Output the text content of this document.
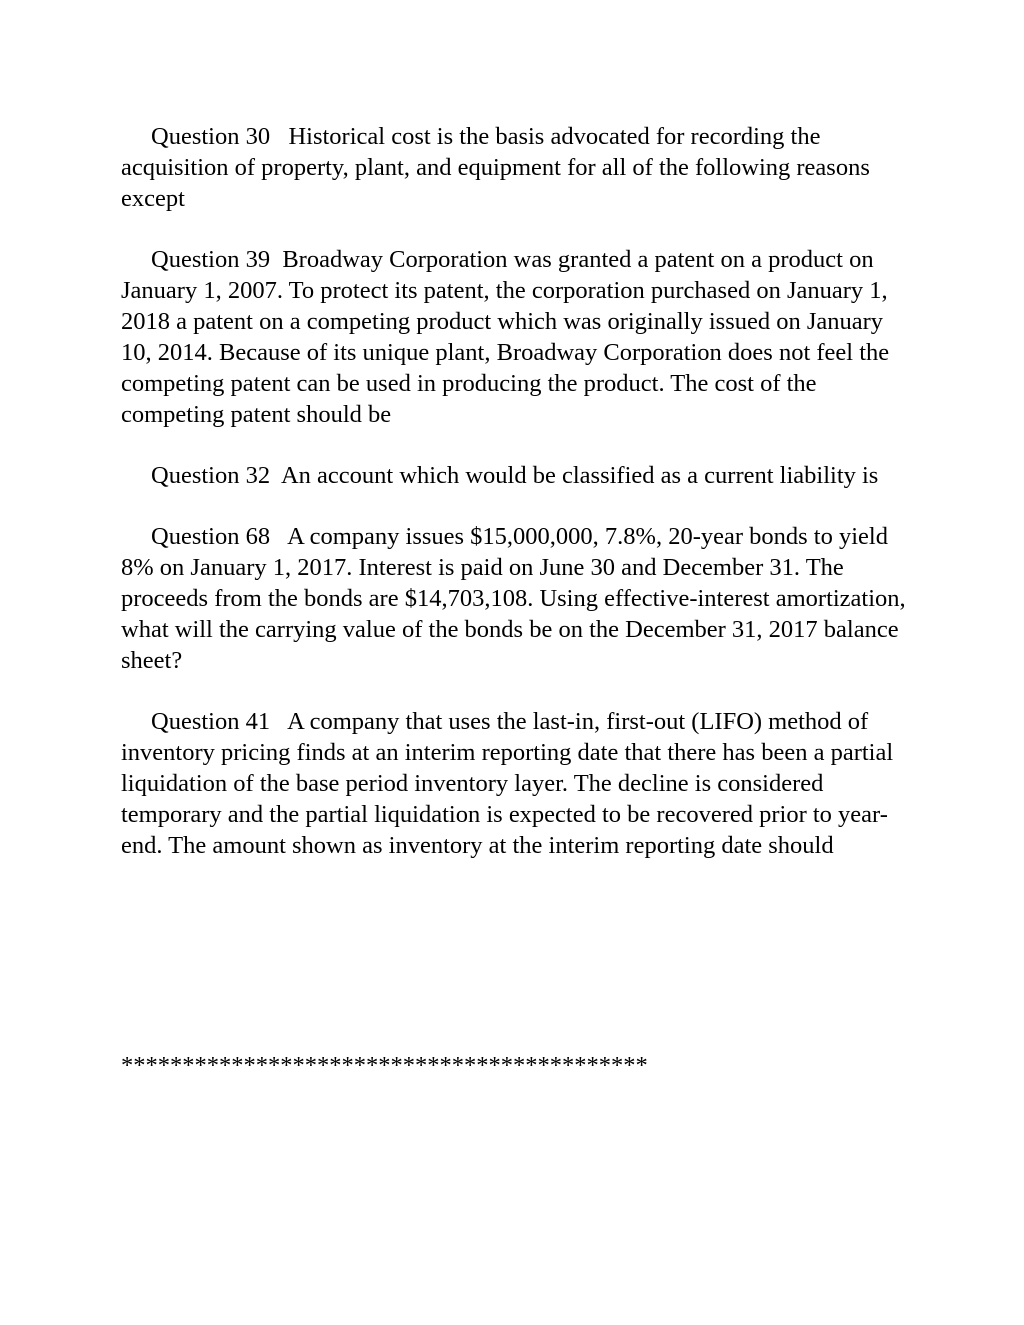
Question 30   Historical cost is the basis advocated for recording the acquisition of property, plant, and equipment for all of the following reasons except

Question 39  Broadway Corporation was granted a patent on a product on January 1, 2007. To protect its patent, the corporation purchased on January 1, 2018 a patent on a competing product which was originally issued on January 10, 2014. Because of its unique plant, Broadway Corporation does not feel the competing patent can be used in producing the product. The cost of the competing patent should be

Question 32  An account which would be classified as a current liability is

Question 68   A company issues $15,000,000, 7.8%, 20-year bonds to yield 8% on January 1, 2017. Interest is paid on June 30 and December 31. The proceeds from the bonds are $14,703,108. Using effective-interest amortization, what will the carrying value of the bonds be on the December 31, 2017 balance sheet?

Question 41   A company that uses the last-in, first-out (LIFO) method of inventory pricing finds at an interim reporting date that there has been a partial liquidation of the base period inventory layer. The decline is considered temporary and the partial liquidation is expected to be recovered prior to year-end. The amount shown as inventory at the interim reporting date should

*******************************************
